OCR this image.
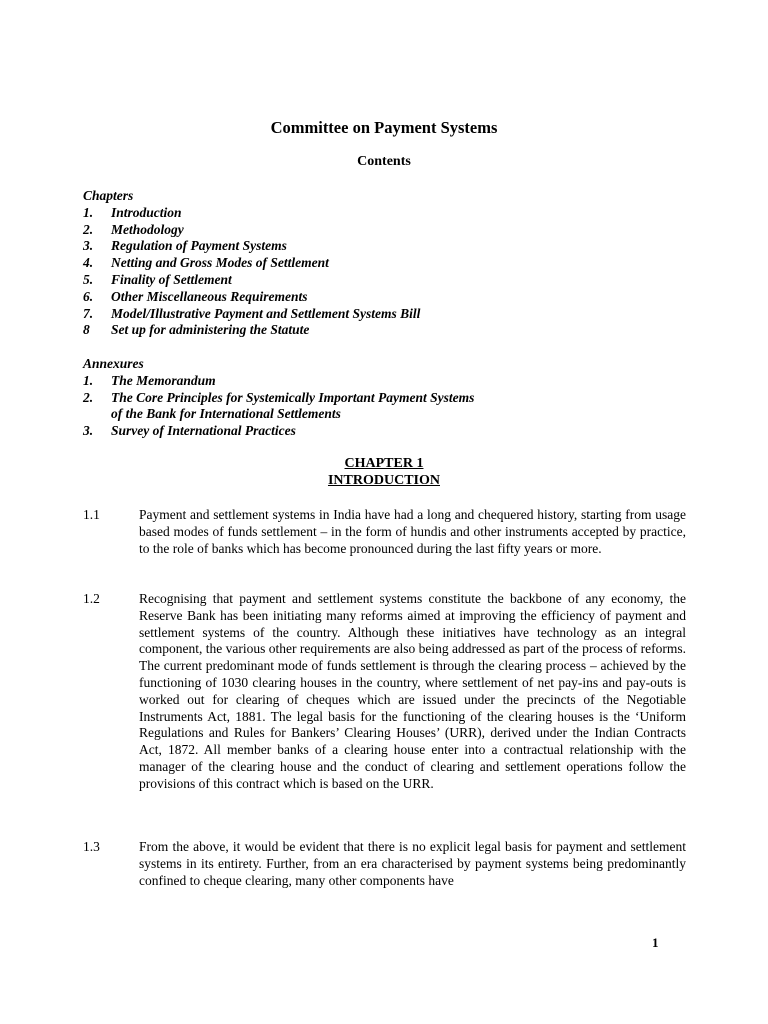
Committee on Payment Systems
Contents
Chapters
1.	Introduction
2.	Methodology
3.	Regulation of Payment Systems
4.	Netting and Gross Modes of Settlement
5.	Finality of Settlement
6.	Other Miscellaneous Requirements
7.	Model/Illustrative Payment and Settlement Systems Bill
8	Set up for administering the Statute
Annexures
1.	The Memorandum
2.	The Core Principles for Systemically Important Payment Systems of the Bank for International Settlements
3.	Survey of International Practices
CHAPTER 1
INTRODUCTION
1.1	Payment and settlement systems in India have had a long and chequered history, starting from usage based modes of funds settlement – in the form of hundis and other instruments accepted by practice, to the role of banks which has become pronounced during the last fifty years or more.
1.2	Recognising that payment and settlement systems constitute the backbone of any economy, the Reserve Bank has been initiating many reforms aimed at improving the efficiency of payment and settlement systems of the country. Although these initiatives have technology as an integral component, the various other requirements are also being addressed as part of the process of reforms. The current predominant mode of funds settlement is through the clearing process – achieved by the functioning of 1030 clearing houses in the country, where settlement of net pay-ins and pay-outs is worked out for clearing of cheques which are issued under the precincts of the Negotiable Instruments Act, 1881. The legal basis for the functioning of the clearing houses is the ‘Uniform Regulations and Rules for Bankers’ Clearing Houses’ (URR), derived under the Indian Contracts Act, 1872. All member banks of a clearing house enter into a contractual relationship with the manager of the clearing house and the conduct of clearing and settlement operations follow the provisions of this contract which is based on the URR.
1.3	From the above, it would be evident that there is no explicit legal basis for payment and settlement systems in its entirety. Further, from an era characterised by payment systems being predominantly confined to cheque clearing, many other components have
1
